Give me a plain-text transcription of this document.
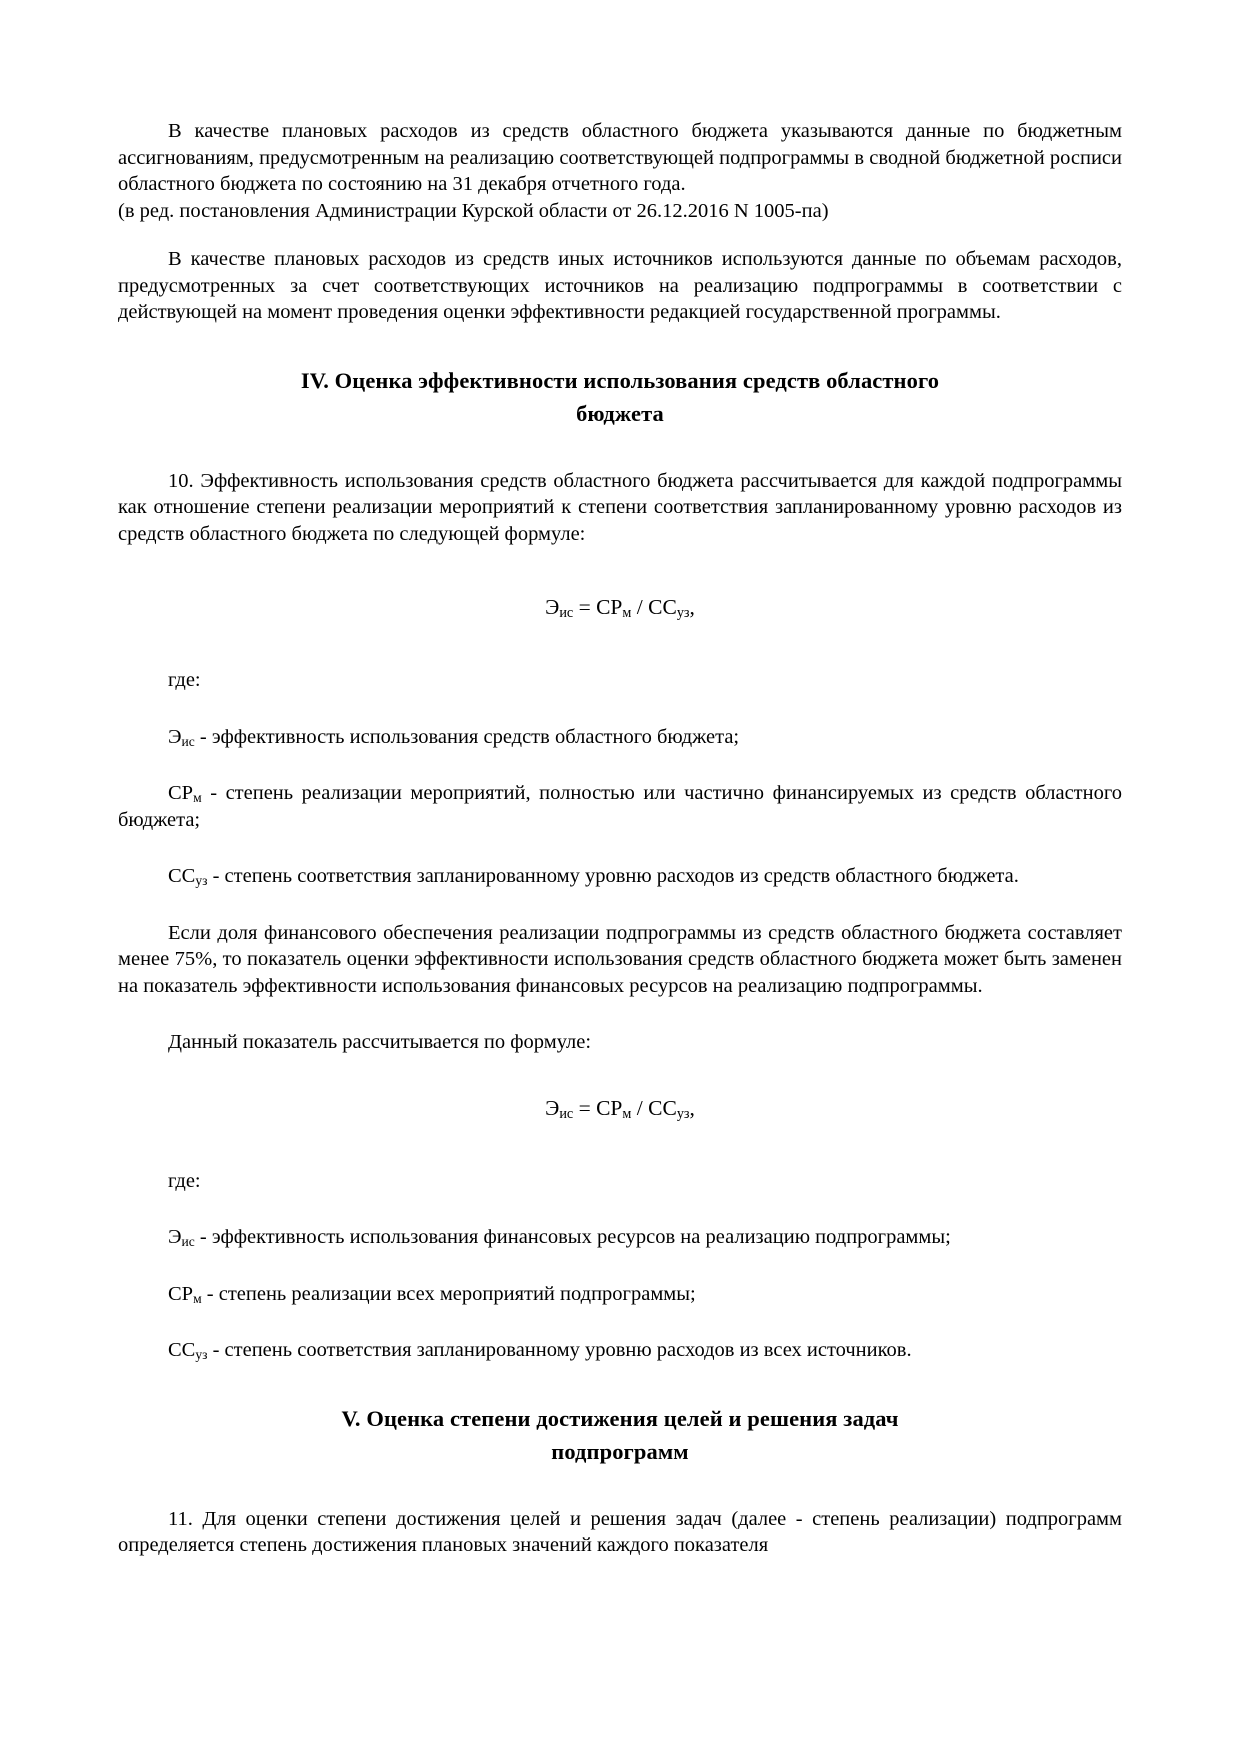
В качестве плановых расходов из средств областного бюджета указываются данные по бюджетным ассигнованиям, предусмотренным на реализацию соответствующей подпрограммы в сводной бюджетной росписи областного бюджета по состоянию на 31 декабря отчетного года.

(в ред. постановления Администрации Курской области от 26.12.2016 N 1005-па)

В качестве плановых расходов из средств иных источников используются данные по объемам расходов, предусмотренных за счет соответствующих источников на реализацию подпрограммы в соответствии с действующей на момент проведения оценки эффективности редакцией государственной программы.

IV. Оценка эффективности использования средств областного
бюджета

10. Эффективность использования средств областного бюджета рассчитывается для каждой подпрограммы как отношение степени реализации мероприятий к степени соответствия запланированному уровню расходов из средств областного бюджета по следующей формуле:

$Э_{ис} = СР_м / СС_{уз}$,

где:

$Э_{ис}$ - эффективность использования средств областного бюджета;

$СР_м$ - степень реализации мероприятий, полностью или частично финансируемых из средств областного бюджета;

$СС_{уз}$ - степень соответствия запланированному уровню расходов из средств областного бюджета.

Если доля финансового обеспечения реализации подпрограммы из средств областного бюджета составляет менее 75%, то показатель оценки эффективности использования средств областного бюджета может быть заменен на показатель эффективности использования финансовых ресурсов на реализацию подпрограммы.

Данный показатель рассчитывается по формуле:

$Э_{ис} = СР_м / СС_{уз}$,

где:

$Э_{ис}$ - эффективность использования финансовых ресурсов на реализацию подпрограммы;

$СР_м$ - степень реализации всех мероприятий подпрограммы;

$СС_{уз}$ - степень соответствия запланированному уровню расходов из всех источников.

V. Оценка степени достижения целей и решения задач
подпрограмм

11. Для оценки степени достижения целей и решения задач (далее - степень реализации) подпрограмм определяется степень достижения плановых значений каждого показателя
